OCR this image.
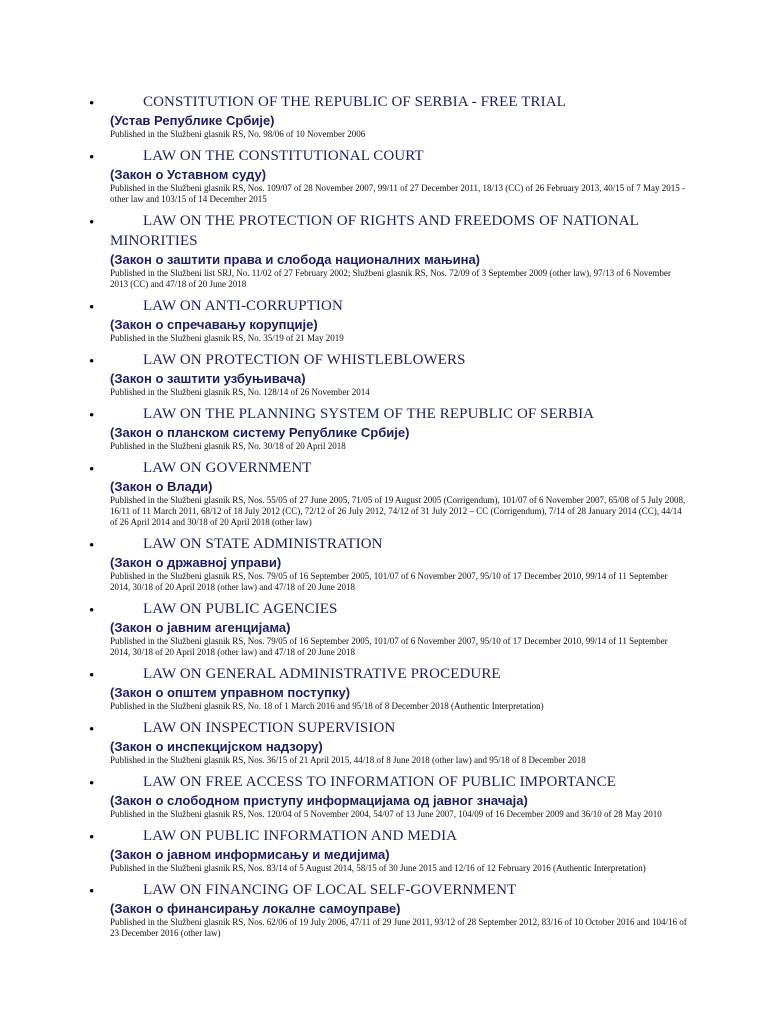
•	CONSTITUTION OF THE REPUBLIC OF SERBIA - FREE TRIAL
(Устав Републике Србије)
Published in the Službeni glasnik RS, No. 98/06 of 10 November 2006
•	LAW ON THE CONSTITUTIONAL COURT
(Закон о Уставном суду)
Published in the Službeni glasnik RS, Nos. 109/07 of 28 November 2007, 99/11 of 27 December 2011, 18/13 (CC) of 26 February 2013, 40/15 of 7 May 2015 - other law and 103/15 of 14 December 2015
•	LAW ON THE PROTECTION OF RIGHTS AND FREEDOMS OF NATIONAL MINORITIES
(Закон о заштити права и слобода националних мањина)
Published in the Službeni list SRJ, No. 11/02 of 27 February 2002; Službeni glasnik RS, Nos. 72/09 of 3 September 2009 (other law), 97/13 of 6 November 2013 (CC) and 47/18 of 20 June 2018
•	LAW ON ANTI-CORRUPTION
(Закон о спречавању корупције)
Published in the Službeni glasnik RS, No. 35/19 of 21 May 2019
•	LAW ON PROTECTION OF WHISTLEBLOWERS
(Закон о заштити узбуњивача)
Published in the Službeni glasnik RS, No. 128/14 of 26 November 2014
•	LAW ON THE PLANNING SYSTEM OF THE REPUBLIC OF SERBIA
(Закон о планском систему Републике Србије)
Published in the Službeni glasnik RS, No. 30/18 of 20 April 2018
•	LAW ON GOVERNMENT
(Закон о Влади)
Published in the Službeni glasnik RS, Nos. 55/05 of 27 June 2005, 71/05 of 19 August 2005 (Corrigendum), 101/07 of 6 November 2007, 65/08 of 5 July 2008, 16/11 of 11 March 2011, 68/12 of 18 July 2012 (CC), 72/12 of 26 July 2012, 74/12 of 31 July 2012 – CC (Corrigendum), 7/14 of 28 January 2014 (CC), 44/14 of 26 April 2014 and 30/18 of 20 April 2018 (other law)
•	LAW ON STATE ADMINISTRATION
(Закон о државној управи)
Published in the Službeni glasnik RS, Nos. 79/05 of 16 September 2005, 101/07 of 6 November 2007, 95/10 of 17 December 2010, 99/14 of 11 September 2014, 30/18 of 20 April 2018 (other law) and 47/18 of 20 June 2018
•	LAW ON PUBLIC AGENCIES
(Закон о јавним агенцијама)
Published in the Službeni glasnik RS, Nos. 79/05 of 16 September 2005, 101/07 of 6 November 2007, 95/10 of 17 December 2010, 99/14 of 11 September 2014, 30/18 of 20 April 2018 (other law) and 47/18 of 20 June 2018
•	LAW ON GENERAL ADMINISTRATIVE PROCEDURE
(Закон о општем управном поступку)
Published in the Službeni glasnik RS, No. 18 of 1 March 2016 and 95/18 of 8 December 2018 (Authentic Interpretation)
•	LAW ON INSPECTION SUPERVISION
(Закон о инспекцијском надзору)
Published in the Službeni glasnik RS, Nos. 36/15 of 21 April 2015, 44/18 of 8 June 2018 (other law) and 95/18 of 8 December 2018
•	LAW ON FREE ACCESS TO INFORMATION OF PUBLIC IMPORTANCE
(Закон о слободном приступу информацијама од јавног значаја)
Published in the Službeni glasnik RS, Nos. 120/04 of 5 November 2004, 54/07 of 13 June 2007, 104/09 of 16 December 2009 and 36/10 of 28 May 2010
•	LAW ON PUBLIC INFORMATION AND MEDIA
(Закон о јавном информисању и медијима)
Published in the Službeni glasnik RS, Nos. 83/14 of 5 August 2014, 58/15 of 30 June 2015 and 12/16 of 12 February 2016 (Authentic Interpretation)
•	LAW ON FINANCING OF LOCAL SELF-GOVERNMENT
(Закон о финансирању локалне самоуправе)
Published in the Službeni glasnik RS, Nos. 62/06 of 19 July 2006, 47/11 of 29 June 2011, 93/12 of 28 September 2012, 83/16 of 10 October 2016 and 104/16 of 23 December 2016 (other law)
